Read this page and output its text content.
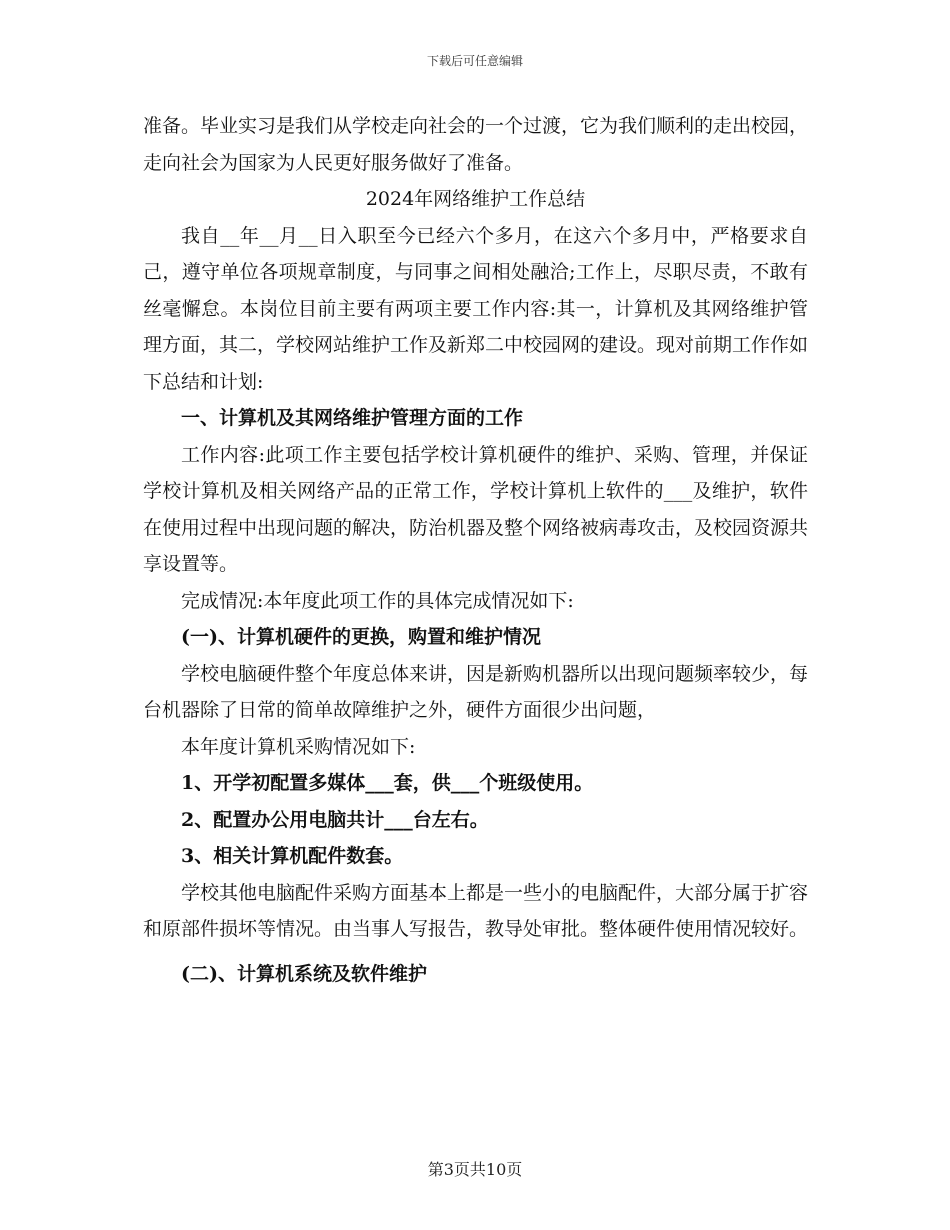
下载后可任意编辑

准备。毕业实习是我们从学校走向社会的一个过渡，它为我们顺利的走出校园，走向社会为国家为人民更好服务做好了准备。

2024年网络维护工作总结

我自__年__月__日入职至今已经六个多月，在这六个多月中，严格要求自己，遵守单位各项规章制度，与同事之间相处融洽;工作上，尽职尽责，不敢有丝毫懈怠。本岗位目前主要有两项主要工作内容:其一，计算机及其网络维护管理方面，其二，学校网站维护工作及新郑二中校园网的建设。现对前期工作作如下总结和计划:

一、计算机及其网络维护管理方面的工作

工作内容:此项工作主要包括学校计算机硬件的维护、采购、管理，并保证学校计算机及相关网络产品的正常工作，学校计算机上软件的___及维护，软件在使用过程中出现问题的解决，防治机器及整个网络被病毒攻击，及校园资源共享设置等。

完成情况:本年度此项工作的具体完成情况如下:

(一)、计算机硬件的更换，购置和维护情况

学校电脑硬件整个年度总体来讲，因是新购机器所以出现问题频率较少，每台机器除了日常的简单故障维护之外，硬件方面很少出问题，

本年度计算机采购情况如下:

1、开学初配置多媒体___套，供___个班级使用。

2、配置办公用电脑共计___台左右。

3、相关计算机配件数套。

学校其他电脑配件采购方面基本上都是一些小的电脑配件，大部分属于扩容和原部件损坏等情况。由当事人写报告，教导处审批。整体硬件使用情况较好。

(二)、计算机系统及软件维护

第3页共10页
